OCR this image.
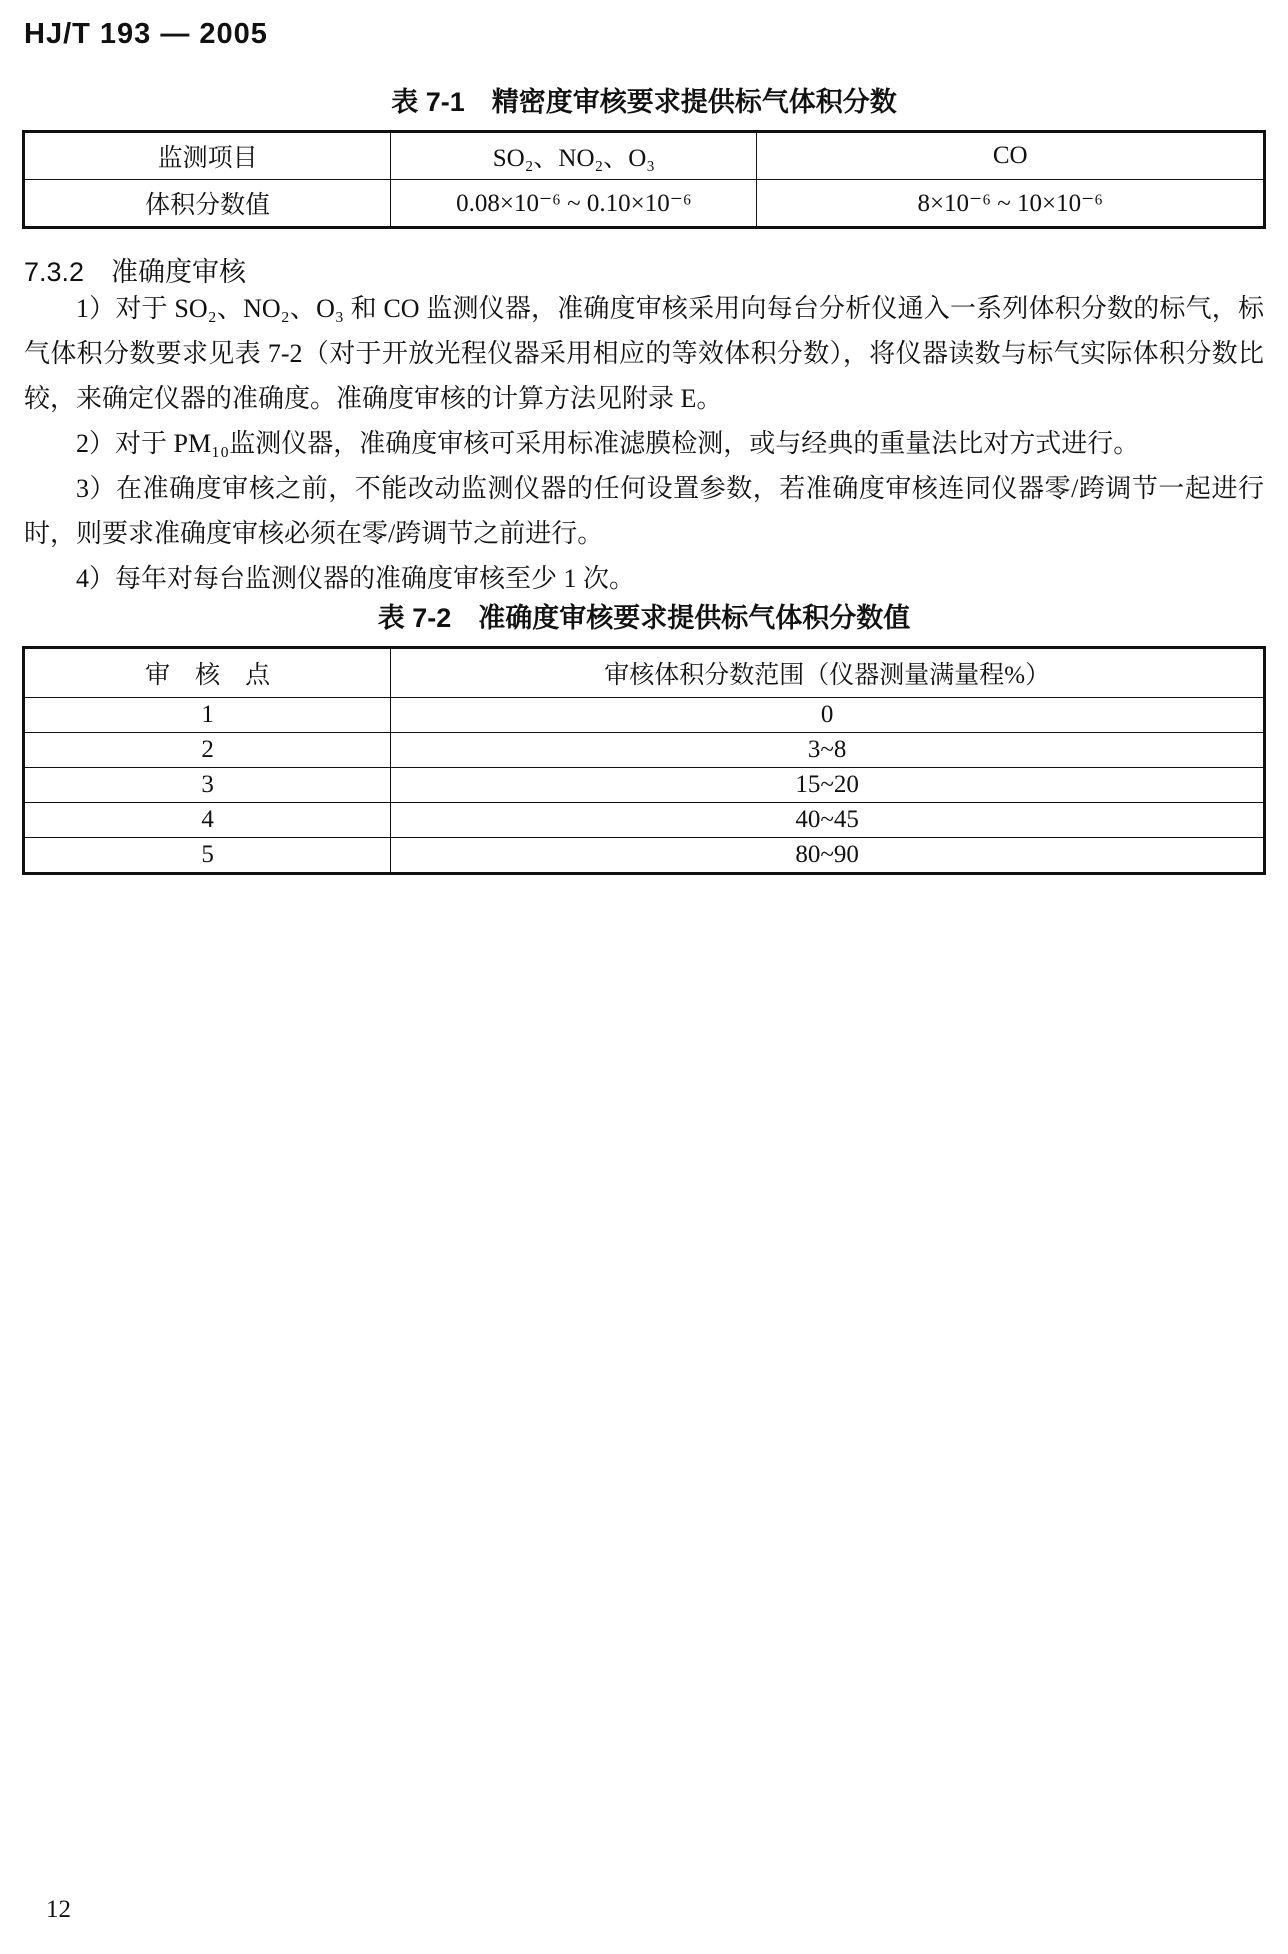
HJ/T 193 — 2005
表 7-1　精密度审核要求提供标气体积分数
监测项目	SO₂、NO₂、O₃	CO
体积分数值	0.08×10⁻⁶ ~ 0.10×10⁻⁶	8×10⁻⁶ ~ 10×10⁻⁶
7.3.2　准确度审核

1）对于 SO₂、NO₂、O₃ 和 CO 监测仪器，准确度审核采用向每台分析仪通入一系列体积分数的标气，标气体积分数要求见表 7-2（对于开放光程仪器采用相应的等效体积分数），将仪器读数与标气实际体积分数比较，来确定仪器的准确度。准确度审核的计算方法见附录 E。

2）对于 PM₁₀监测仪器，准确度审核可采用标准滤膜检测，或与经典的重量法比对方式进行。

3）在准确度审核之前，不能改动监测仪器的任何设置参数，若准确度审核连同仪器零/跨调节一起进行时，则要求准确度审核必须在零/跨调节之前进行。

4）每年对每台监测仪器的准确度审核至少 1 次。

表 7-2　准确度审核要求提供标气体积分数值
审　核　点	审核体积分数范围（仪器测量满量程%）
1	0
2	3~8
3	15~20
4	40~45
5	80~90
12
